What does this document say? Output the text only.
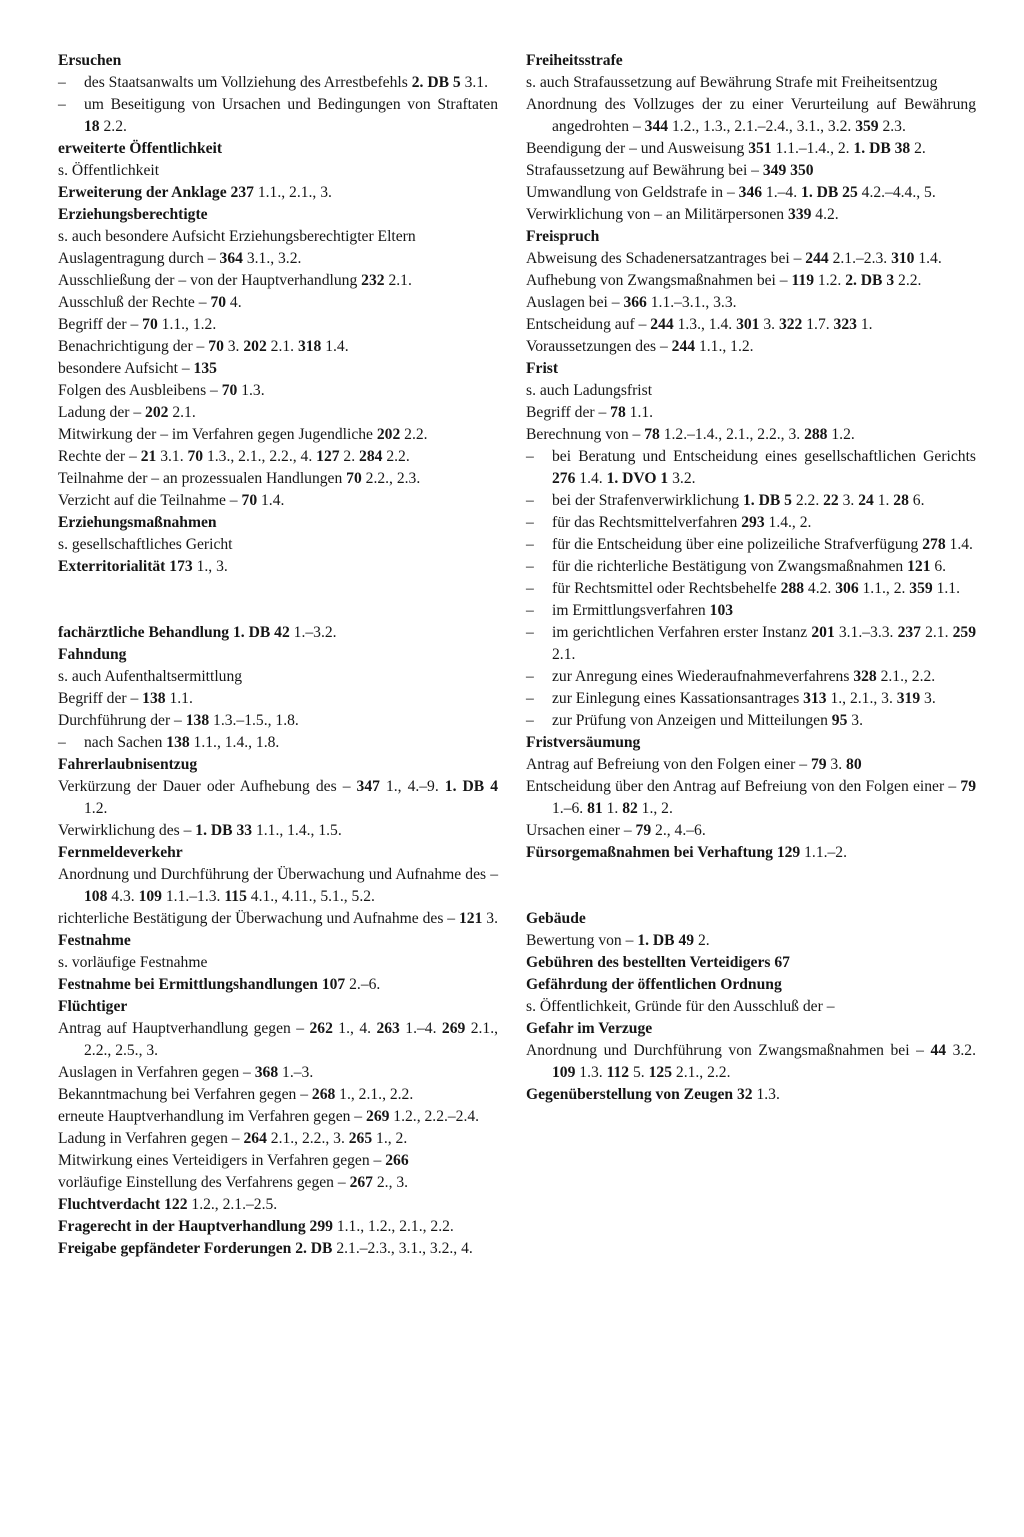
Ersuchen

– des Staatsanwalts um Vollziehung des Arrestbefehls 2. DB 5 3.1.

– um Beseitigung von Ursachen und Bedingungen von Straftaten 18 2.2.

erweiterte Öffentlichkeit

s. Öffentlichkeit

Erweiterung der Anklage 237 1.1., 2.1., 3.

Erziehungsberechtigte

s. auch besondere Aufsicht Erziehungsberechtigter Eltern

Auslagentragung durch – 364 3.1., 3.2.

Ausschließung der – von der Hauptverhandlung 232 2.1.

Ausschluß der Rechte – 70 4.

Begriff der – 70 1.1., 1.2.

Benachrichtigung der – 70 3. 202 2.1. 318 1.4.

besondere Aufsicht – 135

Folgen des Ausbleibens – 70 1.3.

Ladung der – 202 2.1.

Mitwirkung der – im Verfahren gegen Jugendliche 202 2.2.

Rechte der – 21 3.1. 70 1.3., 2.1., 2.2., 4. 127 2. 284 2.2.

Teilnahme der – an prozessualen Handlungen 70 2.2., 2.3.

Verzicht auf die Teilnahme – 70 1.4.

Erziehungsmaßnahmen

s. gesellschaftliches Gericht

Exterritorialität 173 1., 3.

fachärztliche Behandlung 1. DB 42 1.–3.2.

Fahndung

s. auch Aufenthaltsermittlung

Begriff der – 138 1.1.

Durchführung der – 138 1.3.–1.5., 1.8.

– nach Sachen 138 1.1., 1.4., 1.8.

Fahrerlaubnisentzug

Verkürzung der Dauer oder Aufhebung des – 347 1., 4.–9. 1. DB 4 1.2.

Verwirklichung des – 1. DB 33 1.1., 1.4., 1.5.

Fernmeldeverkehr

Anordnung und Durchführung der Überwachung und Aufnahme des – 108 4.3. 109 1.1.–1.3. 115 4.1., 4.11., 5.1., 5.2.

richterliche Bestätigung der Überwachung und Aufnahme des – 121 3.

Festnahme

s. vorläufige Festnahme

Festnahme bei Ermittlungshandlungen 107 2.–6.

Flüchtiger

Antrag auf Hauptverhandlung gegen – 262 1., 4. 263 1.–4. 269 2.1., 2.2., 2.5., 3.

Auslagen in Verfahren gegen – 368 1.–3.

Bekanntmachung bei Verfahren gegen – 268 1., 2.1., 2.2.

erneute Hauptverhandlung im Verfahren gegen – 269 1.2., 2.2.–2.4.

Ladung in Verfahren gegen – 264 2.1., 2.2., 3. 265 1., 2.

Mitwirkung eines Verteidigers in Verfahren gegen – 266

vorläufige Einstellung des Verfahrens gegen – 267 2., 3.

Fluchtverdacht 122 1.2., 2.1.–2.5.

Fragerecht in der Hauptverhandlung 299 1.1., 1.2., 2.1., 2.2.

Freigabe gepfändeter Forderungen 2. DB 2.1.–2.3., 3.1., 3.2., 4.

Freiheitsstrafe

s. auch Strafaussetzung auf Bewährung Strafe mit Freiheitsentzug

Anordnung des Vollzuges der zu einer Verurteilung auf Bewährung angedrohten – 344 1.2., 1.3., 2.1.–2.4., 3.1., 3.2. 359 2.3.

Beendigung der – und Ausweisung 351 1.1.–1.4., 2. 1. DB 38 2.

Strafaussetzung auf Bewährung bei – 349 350

Umwandlung von Geldstrafe in – 346 1.–4. 1. DB 25 4.2.–4.4., 5.

Verwirklichung von – an Militärpersonen 339 4.2.

Freispruch

Abweisung des Schadenersatzantrages bei – 244 2.1.–2.3. 310 1.4.

Aufhebung von Zwangsmaßnahmen bei – 119 1.2. 2. DB 3 2.2.

Auslagen bei – 366 1.1.–3.1., 3.3.

Entscheidung auf – 244 1.3., 1.4. 301 3. 322 1.7. 323 1.

Voraussetzungen des – 244 1.1., 1.2.

Frist

s. auch Ladungsfrist

Begriff der – 78 1.1.

Berechnung von – 78 1.2.–1.4., 2.1., 2.2., 3. 288 1.2.

– bei Beratung und Entscheidung eines gesellschaftlichen Gerichts 276 1.4. 1. DVO 1 3.2.

– bei der Strafenverwirklichung 1. DB 5 2.2. 22 3. 24 1. 28 6.

– für das Rechtsmittelverfahren 293 1.4., 2.

– für die Entscheidung über eine polizeiliche Strafverfügung 278 1.4.

– für die richterliche Bestätigung von Zwangsmaßnahmen 121 6.

– für Rechtsmittel oder Rechtsbehelfe 288 4.2. 306 1.1., 2. 359 1.1.

– im Ermittlungsverfahren 103

– im gerichtlichen Verfahren erster Instanz 201 3.1.–3.3. 237 2.1. 259 2.1.

– zur Anregung eines Wiederaufnahmeverfahrens 328 2.1., 2.2.

– zur Einlegung eines Kassationsantrages 313 1., 2.1., 3. 319 3.

– zur Prüfung von Anzeigen und Mitteilungen 95 3.

Fristversäumung

Antrag auf Befreiung von den Folgen einer – 79 3. 80

Entscheidung über den Antrag auf Befreiung von den Folgen einer – 79 1.–6. 81 1. 82 1., 2.

Ursachen einer – 79 2., 4.–6.

Fürsorgemaßnahmen bei Verhaftung 129 1.1.–2.

Gebäude

Bewertung von – 1. DB 49 2.

Gebühren des bestellten Verteidigers 67

Gefährdung der öffentlichen Ordnung

s. Öffentlichkeit, Gründe für den Ausschluß der –

Gefahr im Verzuge

Anordnung und Durchführung von Zwangsmaßnahmen bei – 44 3.2. 109 1.3. 112 5. 125 2.1., 2.2.

Gegenüberstellung von Zeugen 32 1.3.
